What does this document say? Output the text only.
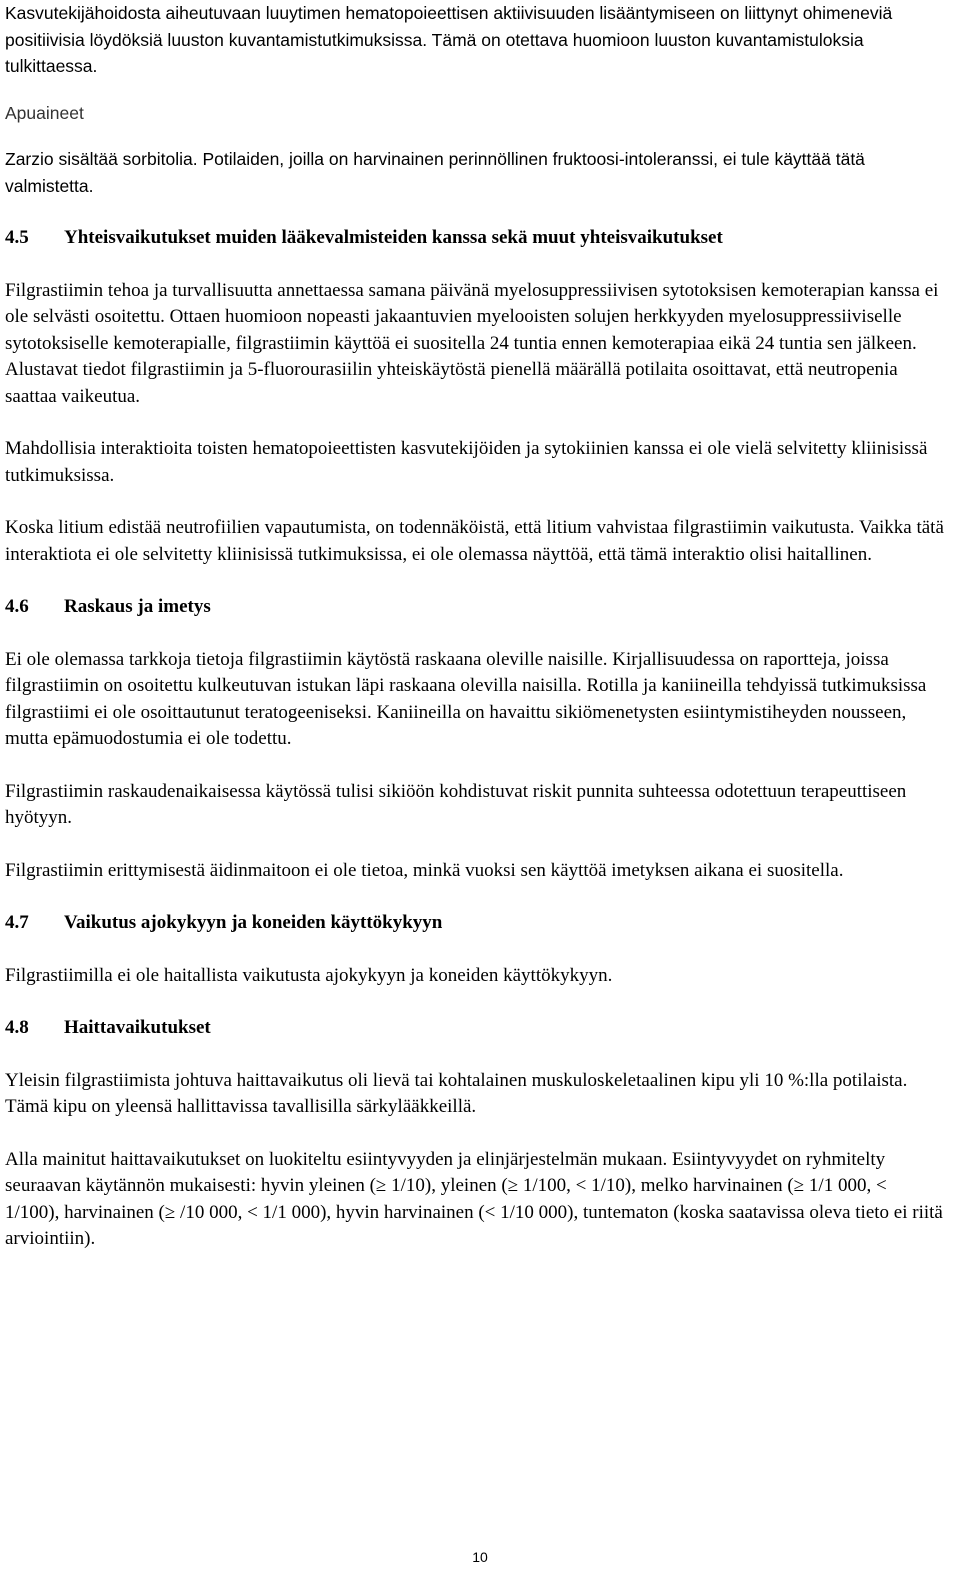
Kasvutekijähoidosta aiheutuvaan luuytimen hematopoieettisen aktiivisuuden lisääntymiseen on liittynyt ohimeneviä positiivisia löydöksiä luuston kuvantamistutkimuksissa. Tämä on otettava huomioon luuston kuvantamistuloksia tulkittaessa.

Apuaineet

Zarzio sisältää sorbitolia. Potilaiden, joilla on harvinainen perinnöllinen fruktoosi-intoleranssi, ei tule käyttää tätä valmistetta.

4.5 Yhteisvaikutukset muiden lääkevalmisteiden kanssa sekä muut yhteisvaikutukset

Filgrastiimin tehoa ja turvallisuutta annettaessa samana päivänä myelosuppressiivisen sytotoksisen kemoterapian kanssa ei ole selvästi osoitettu. Ottaen huomioon nopeasti jakaantuvien myelooisten solujen herkkyyden myelosuppressiiviselle sytotoksiselle kemoterapialle, filgrastiimin käyttöä ei suositella 24 tuntia ennen kemoterapiaa eikä 24 tuntia sen jälkeen. Alustavat tiedot filgrastiimin ja 5-fluorourasiilin yhteiskäytöstä pienellä määrällä potilaita osoittavat, että neutropenia saattaa vaikeutua.

Mahdollisia interaktioita toisten hematopoieettisten kasvutekijöiden ja sytokiinien kanssa ei ole vielä selvitetty kliinisissä tutkimuksissa.

Koska litium edistää neutrofiilien vapautumista, on todennäköistä, että litium vahvistaa filgrastiimin vaikutusta. Vaikka tätä interaktiota ei ole selvitetty kliinisissä tutkimuksissa, ei ole olemassa näyttöä, että tämä interaktio olisi haitallinen.

4.6 Raskaus ja imetys

Ei ole olemassa tarkkoja tietoja filgrastiimin käytöstä raskaana oleville naisille. Kirjallisuudessa on raportteja, joissa filgrastiimin on osoitettu kulkeutuvan istukan läpi raskaana olevilla naisilla. Rotilla ja kaniineilla tehdyissä tutkimuksissa filgrastiimi ei ole osoittautunut teratogeeniseksi. Kaniineilla on havaittu sikiömenetysten esiintymistiheyden nousseen, mutta epämuodostumia ei ole todettu.

Filgrastiimin raskaudenaikaisessa käytössä tulisi sikiöön kohdistuvat riskit punnita suhteessa odotettuun terapeuttiseen hyötyyn.

Filgrastiimin erittymisestä äidinmaitoon ei ole tietoa, minkä vuoksi sen käyttöä imetyksen aikana ei suositella.

4.7 Vaikutus ajokykyyn ja koneiden käyttökykyyn

Filgrastiimilla ei ole haitallista vaikutusta ajokykyyn ja koneiden käyttökykyyn.

4.8 Haittavaikutukset

Yleisin filgrastiimista johtuva haittavaikutus oli lievä tai kohtalainen muskuloskeletaalinen kipu yli 10 %:lla potilaista. Tämä kipu on yleensä hallittavissa tavallisilla särkylääkkeillä.

Alla mainitut haittavaikutukset on luokiteltu esiintyvyyden ja elinjärjestelmän mukaan. Esiintyvyydet on ryhmitelty seuraavan käytännön mukaisesti: hyvin yleinen (≥ 1/10), yleinen (≥ 1/100, < 1/10), melko harvinainen (≥ 1/1 000, < 1/100), harvinainen (≥ /10 000, < 1/1 000), hyvin harvinainen (< 1/10 000), tuntematon (koska saatavissa oleva tieto ei riitä arviointiin).

10
